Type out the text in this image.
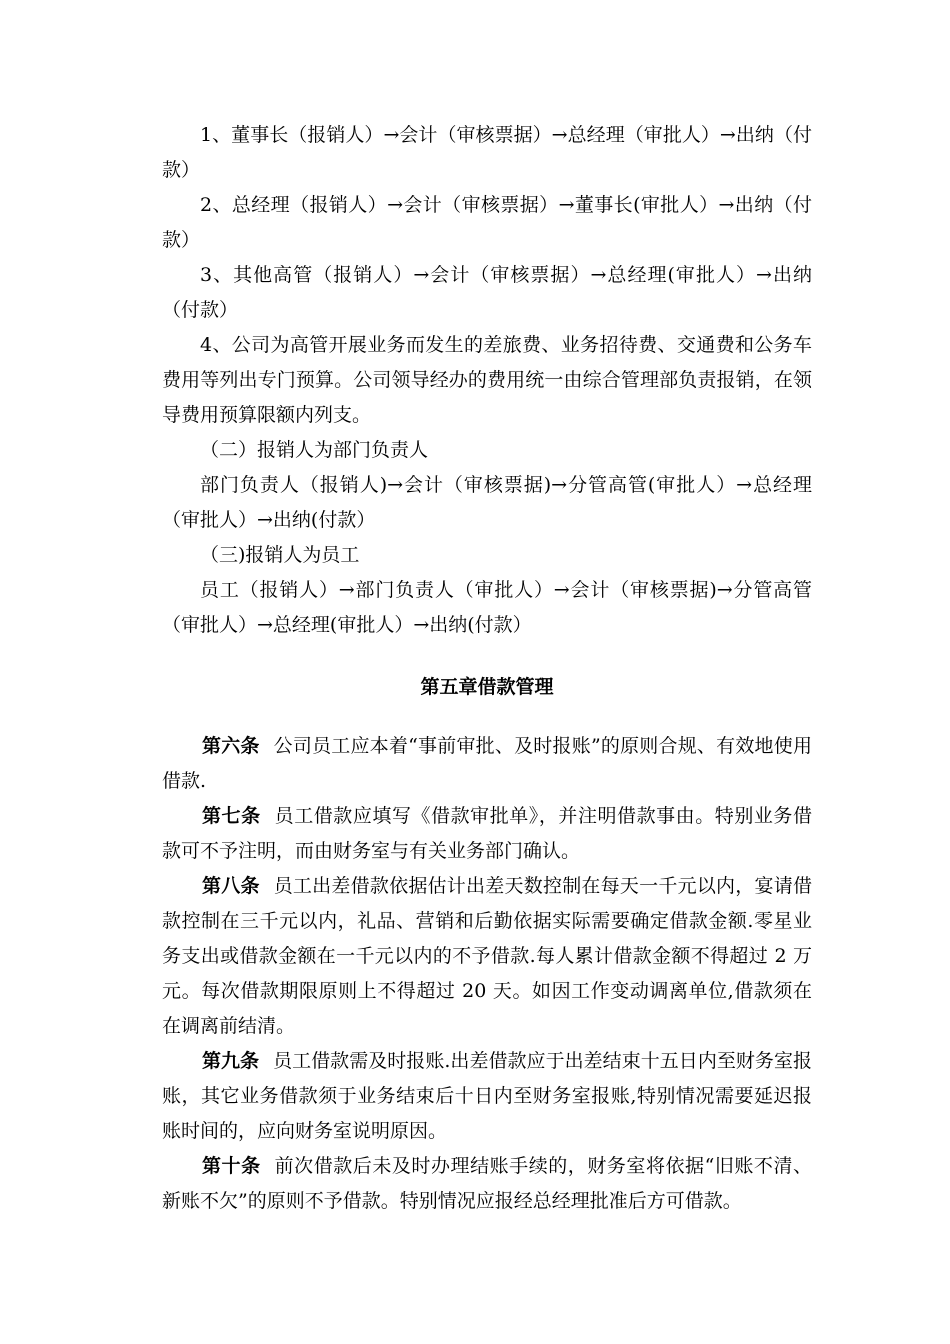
1、董事长（报销人）→会计（审核票据）→总经理（审批人）→出纳（付款）

2、总经理（报销人）→会计（审核票据）→董事长(审批人）→出纳（付款）

3、其他高管（报销人）→会计（审核票据）→总经理(审批人）→出纳（付款）

4、公司为高管开展业务而发生的差旅费、业务招待费、交通费和公务车费用等列出专门预算。公司领导经办的费用统一由综合管理部负责报销，在领导费用预算限额内列支。

（二）报销人为部门负责人

部门负责人（报销人)→会计（审核票据)→分管高管(审批人）→总经理（审批人）→出纳(付款）

（三)报销人为员工

员工（报销人）→部门负责人（审批人）→会计（审核票据)→分管高管（审批人）→总经理(审批人）→出纳(付款）

第五章借款管理

第六条 公司员工应本着“事前审批、及时报账”的原则合规、有效地使用借款.

第七条 员工借款应填写《借款审批单》，并注明借款事由。特别业务借款可不予注明，而由财务室与有关业务部门确认。

第八条 员工出差借款依据估计出差天数控制在每天一千元以内，宴请借款控制在三千元以内，礼品、营销和后勤依据实际需要确定借款金额.零星业务支出或借款金额在一千元以内的不予借款.每人累计借款金额不得超过 2 万元。每次借款期限原则上不得超过 20 天。如因工作变动调离单位,借款须在在调离前结清。

第九条 员工借款需及时报账.出差借款应于出差结束十五日内至财务室报账，其它业务借款须于业务结束后十日内至财务室报账,特别情况需要延迟报账时间的，应向财务室说明原因。

第十条 前次借款后未及时办理结账手续的，财务室将依据“旧账不清、新账不欠”的原则不予借款。特别情况应报经总经理批准后方可借款。
